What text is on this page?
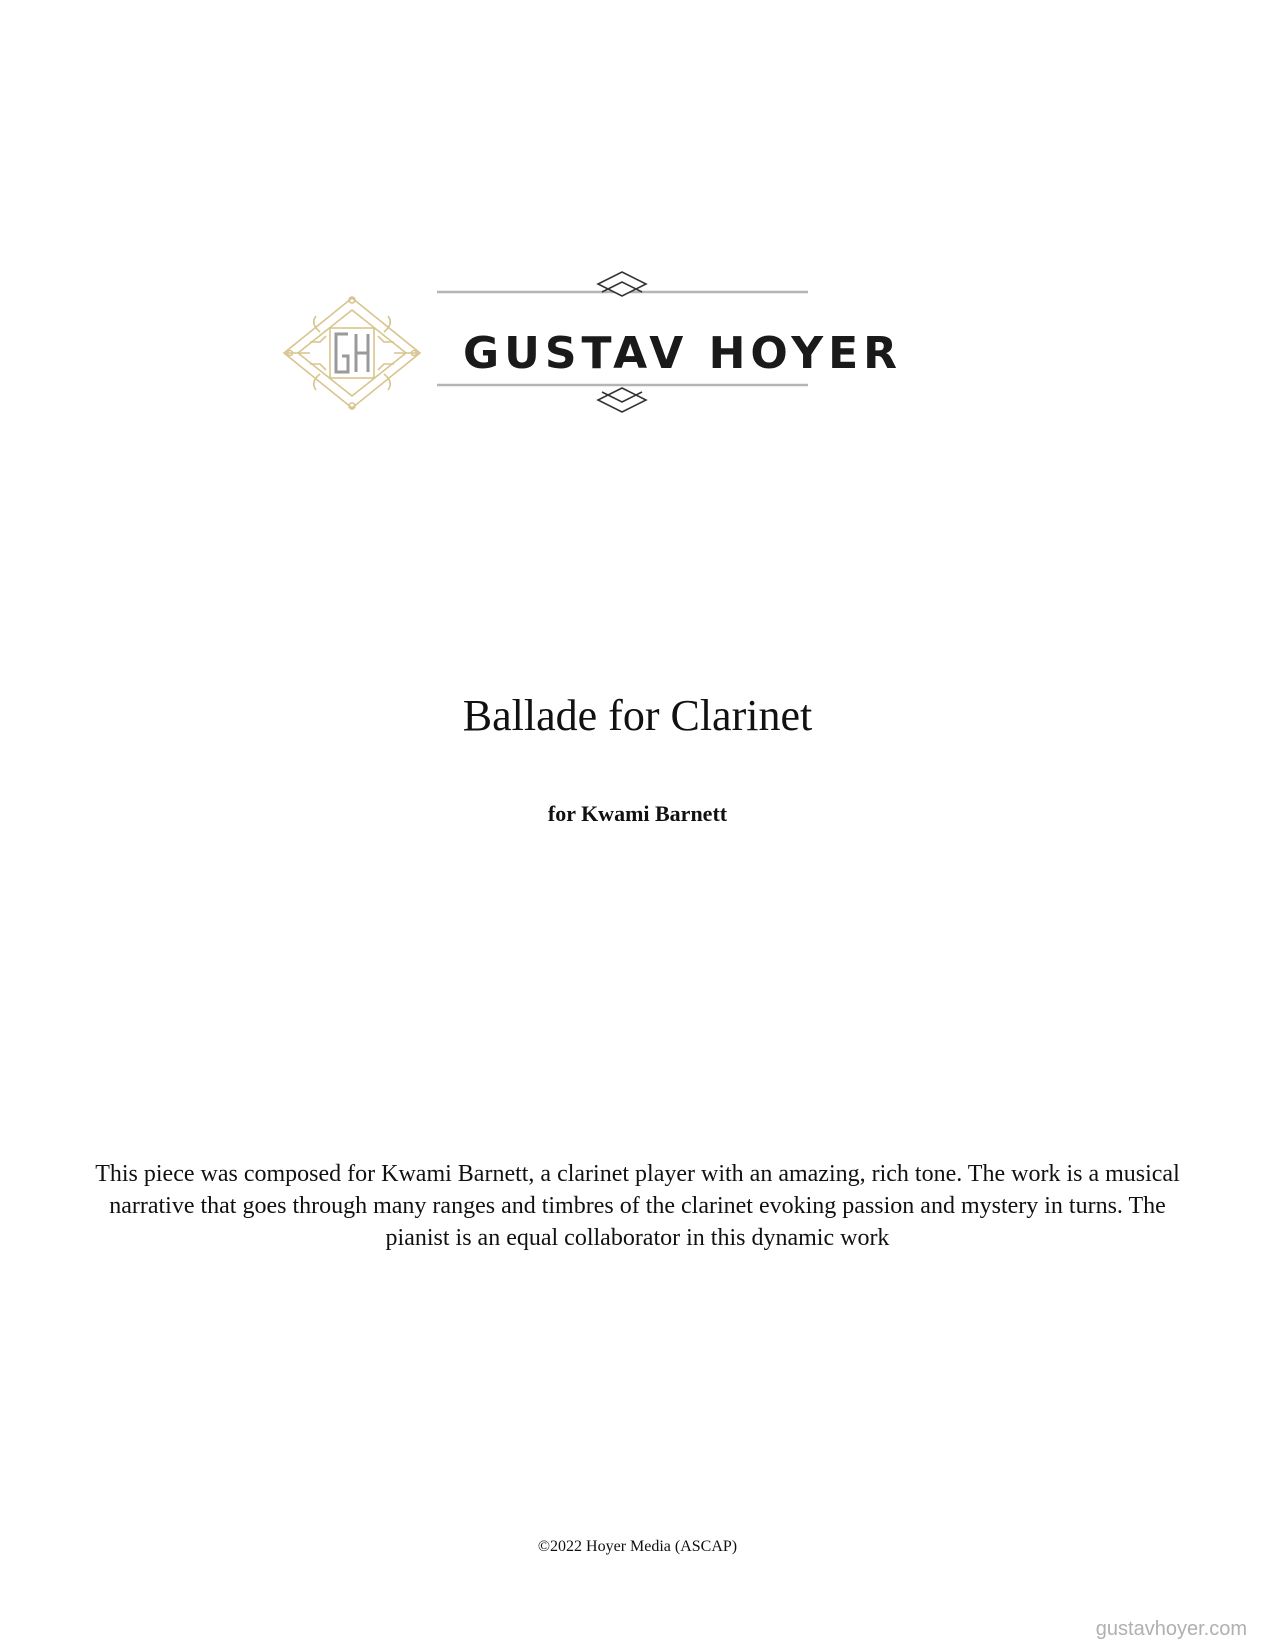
GUSTAV HOYER
Ballade for Clarinet
for Kwami Barnett
This piece was composed for Kwami Barnett, a clarinet player with an amazing, rich tone. The work is a musical narrative that goes through many ranges and timbres of the clarinet evoking passion and mystery in turns. The pianist is an equal collaborator in this dynamic work
©2022 Hoyer Media (ASCAP)
gustavhoyer.com
